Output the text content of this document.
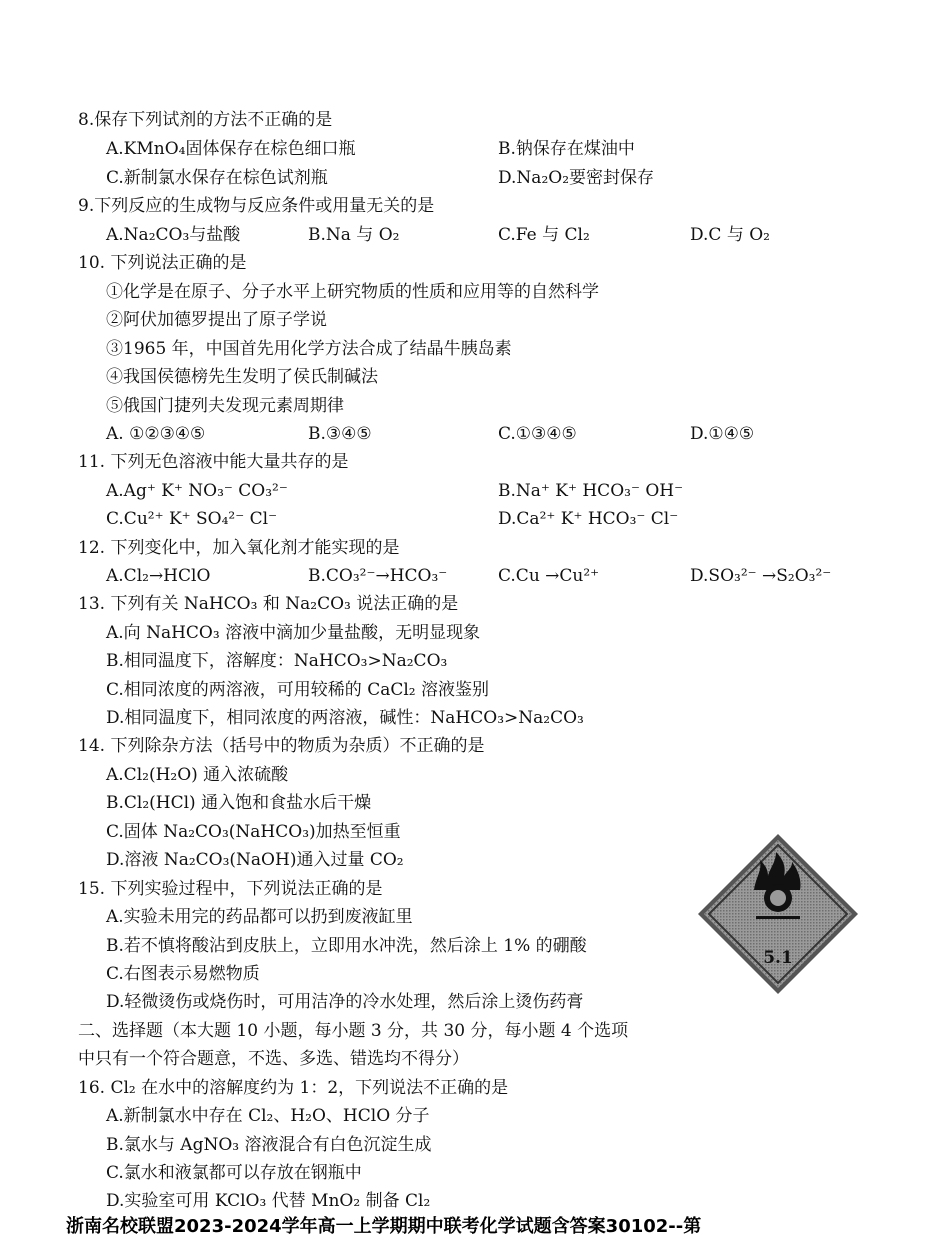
8.保存下列试剂的方法不正确的是
A.KMnO₄固体保存在棕色细口瓶	B.钠保存在煤油中
C.新制氯水保存在棕色试剂瓶	D.Na₂O₂要密封保存
9.下列反应的生成物与反应条件或用量无关的是
A.Na₂CO₃与盐酸	B.Na 与 O₂	C.Fe 与 Cl₂	D.C 与 O₂
10. 下列说法正确的是
①化学是在原子、分子水平上研究物质的性质和应用等的自然科学
②阿伏加德罗提出了原子学说
③1965 年，中国首先用化学方法合成了结晶牛胰岛素
④我国侯德榜先生发明了侯氏制碱法
⑤俄国门捷列夫发现元素周期律
A. ①②③④⑤	B.③④⑤	C.①③④⑤	D.①④⑤
11. 下列无色溶液中能大量共存的是
A.Ag⁺ K⁺ NO₃⁻ CO₃²⁻	B.Na⁺ K⁺ HCO₃⁻ OH⁻
C.Cu²⁺ K⁺ SO₄²⁻ Cl⁻	D.Ca²⁺ K⁺ HCO₃⁻ Cl⁻
12. 下列变化中，加入氧化剂才能实现的是
A.Cl₂→HClO	B.CO₃²⁻→HCO₃⁻	C.Cu →Cu²⁺	D.SO₃²⁻ →S₂O₃²⁻
13. 下列有关 NaHCO₃ 和 Na₂CO₃ 说法正确的是
A.向 NaHCO₃ 溶液中滴加少量盐酸，无明显现象
B.相同温度下，溶解度：NaHCO₃>Na₂CO₃
C.相同浓度的两溶液，可用较稀的 CaCl₂ 溶液鉴别
D.相同温度下，相同浓度的两溶液，碱性：NaHCO₃>Na₂CO₃
14. 下列除杂方法（括号中的物质为杂质）不正确的是
A.Cl₂(H₂O) 通入浓硫酸
B.Cl₂(HCl) 通入饱和食盐水后干燥
C.固体 Na₂CO₃(NaHCO₃)加热至恒重
D.溶液 Na₂CO₃(NaOH)通入过量 CO₂
15. 下列实验过程中，下列说法正确的是
A.实验未用完的药品都可以扔到废液缸里
B.若不慎将酸沾到皮肤上，立即用水冲洗，然后涂上 1% 的硼酸
C.右图表示易燃物质
D.轻微烫伤或烧伤时，可用洁净的冷水处理，然后涂上烫伤药膏
5.1
二、选择题（本大题 10 小题，每小题 3 分，共 30 分，每小题 4 个选项
中只有一个符合题意，不选、多选、错选均不得分）
16. Cl₂ 在水中的溶解度约为 1：2，下列说法不正确的是
A.新制氯水中存在 Cl₂、H₂O、HClO 分子
B.氯水与 AgNO₃ 溶液混合有白色沉淀生成
C.氯水和液氯都可以存放在钢瓶中
D.实验室可用 KClO₃ 代替 MnO₂ 制备 Cl₂
浙南名校联盟2023-2024学年高一上学期期中联考化学试题含答案30102--第
